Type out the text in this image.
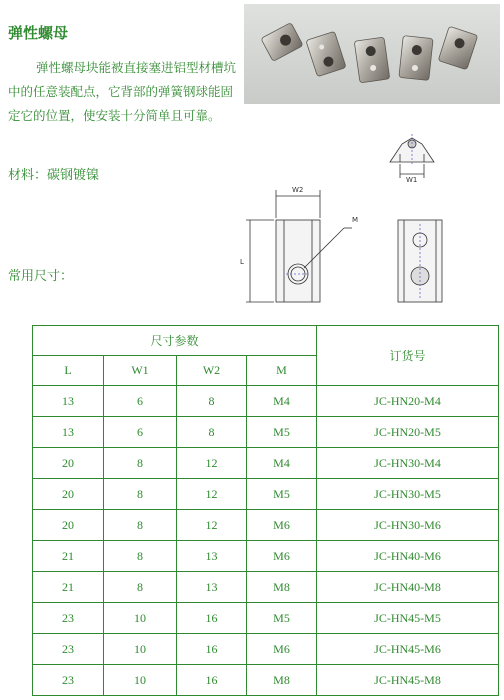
弹性螺母
弹性螺母块能被直接塞进铝型材槽坑中的任意装配点，它背部的弹簧钢球能固定它的位置，使安装十分简单且可靠。
材料：碳钢镀镍
常用尺寸：
W1
W2
L
M
尺寸参数				订货号
L	W1	W2	M	
13	6	8	M4	JC-HN20-M4
13	6	8	M5	JC-HN20-M5
20	8	12	M4	JC-HN30-M4
20	8	12	M5	JC-HN30-M5
20	8	12	M6	JC-HN30-M6
21	8	13	M6	JC-HN40-M6
21	8	13	M8	JC-HN40-M8
23	10	16	M5	JC-HN45-M5
23	10	16	M6	JC-HN45-M6
23	10	16	M8	JC-HN45-M8
